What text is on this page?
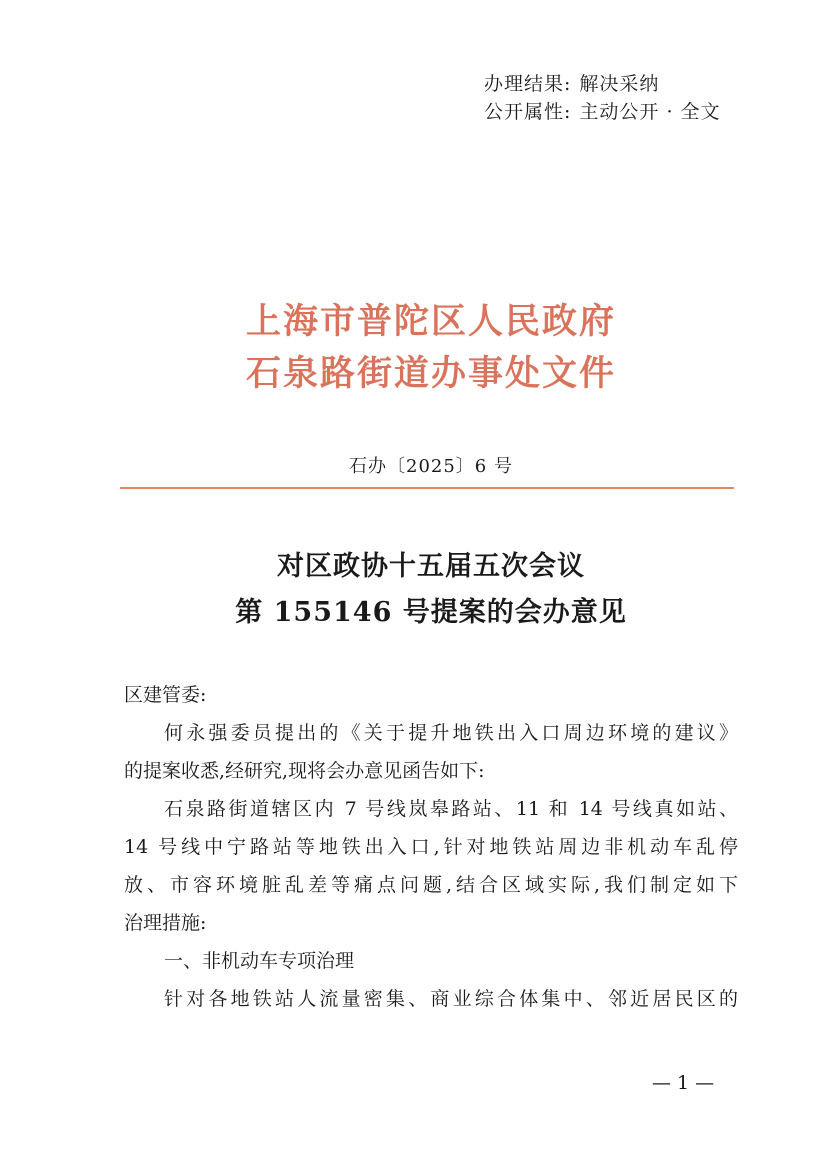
办理结果: 解决采纳
公开属性: 主动公开 · 全文
上海市普陀区人民政府
石泉路街道办事处文件
石办〔2025〕6 号
对区政协十五届五次会议
第 155146 号提案的会办意见
区建管委:
何永强委员提出的《关于提升地铁出入口周边环境的建议》
的提案收悉,经研究,现将会办意见函告如下:
石泉路街道辖区内 7 号线岚皋路站、11 和 14 号线真如站、
14 号线中宁路站等地铁出入口,针对地铁站周边非机动车乱停
放、市容环境脏乱差等痛点问题,结合区域实际,我们制定如下
治理措施:
一、非机动车专项治理
针对各地铁站人流量密集、商业综合体集中、邻近居民区的
— 1 —
